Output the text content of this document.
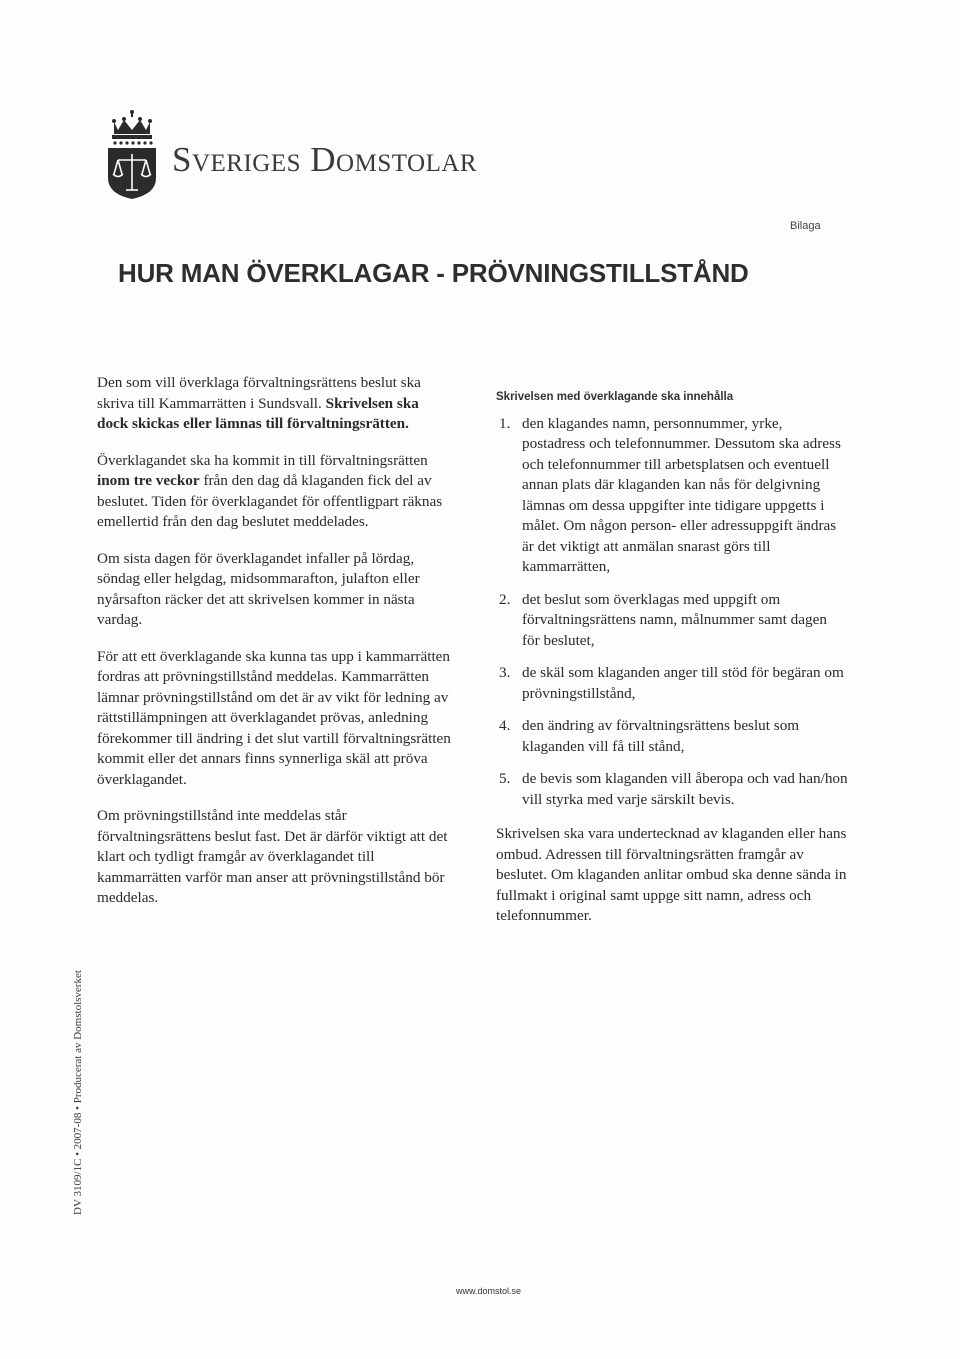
Sveriges Domstolar
Bilaga
HUR MAN ÖVERKLAGAR - PRÖVNINGSTILLSTÅND

Den som vill överklaga förvaltningsrättens beslut ska skriva till Kammarrätten i Sundsvall. Skrivelsen ska dock skickas eller lämnas till förvaltningsrätten.

Överklagandet ska ha kommit in till förvaltningsrätten inom tre veckor från den dag då klaganden fick del av beslutet. Tiden för överklagandet för offentligpart räknas emellertid från den dag beslutet meddelades.

Om sista dagen för överklagandet infaller på lördag, söndag eller helgdag, midsommarafton, julafton eller nyårsafton räcker det att skrivelsen kommer in nästa vardag.

För att ett överklagande ska kunna tas upp i kammarrätten fordras att prövningstillstånd meddelas. Kammarrätten lämnar prövningstillstånd om det är av vikt för ledning av rättstillämpningen att överklagandet prövas, anledning förekommer till ändring i det slut vartill förvaltningsrätten kommit eller det annars finns synnerliga skäl att pröva överklagandet.

Om prövningstillstånd inte meddelas står förvaltningsrättens beslut fast. Det är därför viktigt att det klart och tydligt framgår av överklagandet till kammarrätten varför man anser att prövningstillstånd bör meddelas.

Skrivelsen med överklagande ska innehålla
1. den klagandes namn, personnummer, yrke, postadress och telefonnummer. Dessutom ska adress och telefonnummer till arbetsplatsen och eventuell annan plats där klaganden kan nås för delgivning lämnas om dessa uppgifter inte tidigare uppgetts i målet. Om någon person- eller adressuppgift ändras är det viktigt att anmälan snarast görs till kammarrätten,
2. det beslut som överklagas med uppgift om förvaltningsrättens namn, målnummer samt dagen för beslutet,
3. de skäl som klaganden anger till stöd för begäran om prövningstillstånd,
4. den ändring av förvaltningsrättens beslut som klaganden vill få till stånd,
5. de bevis som klaganden vill åberopa och vad han/hon vill styrka med varje särskilt bevis.

Skrivelsen ska vara undertecknad av klaganden eller hans ombud. Adressen till förvaltningsrätten framgår av beslutet. Om klaganden anlitar ombud ska denne sända in fullmakt i original samt uppge sitt namn, adress och telefonnummer.

DV 3109/1C • 2007-08 • Producerat av Domstolsverket
www.domstol.se
